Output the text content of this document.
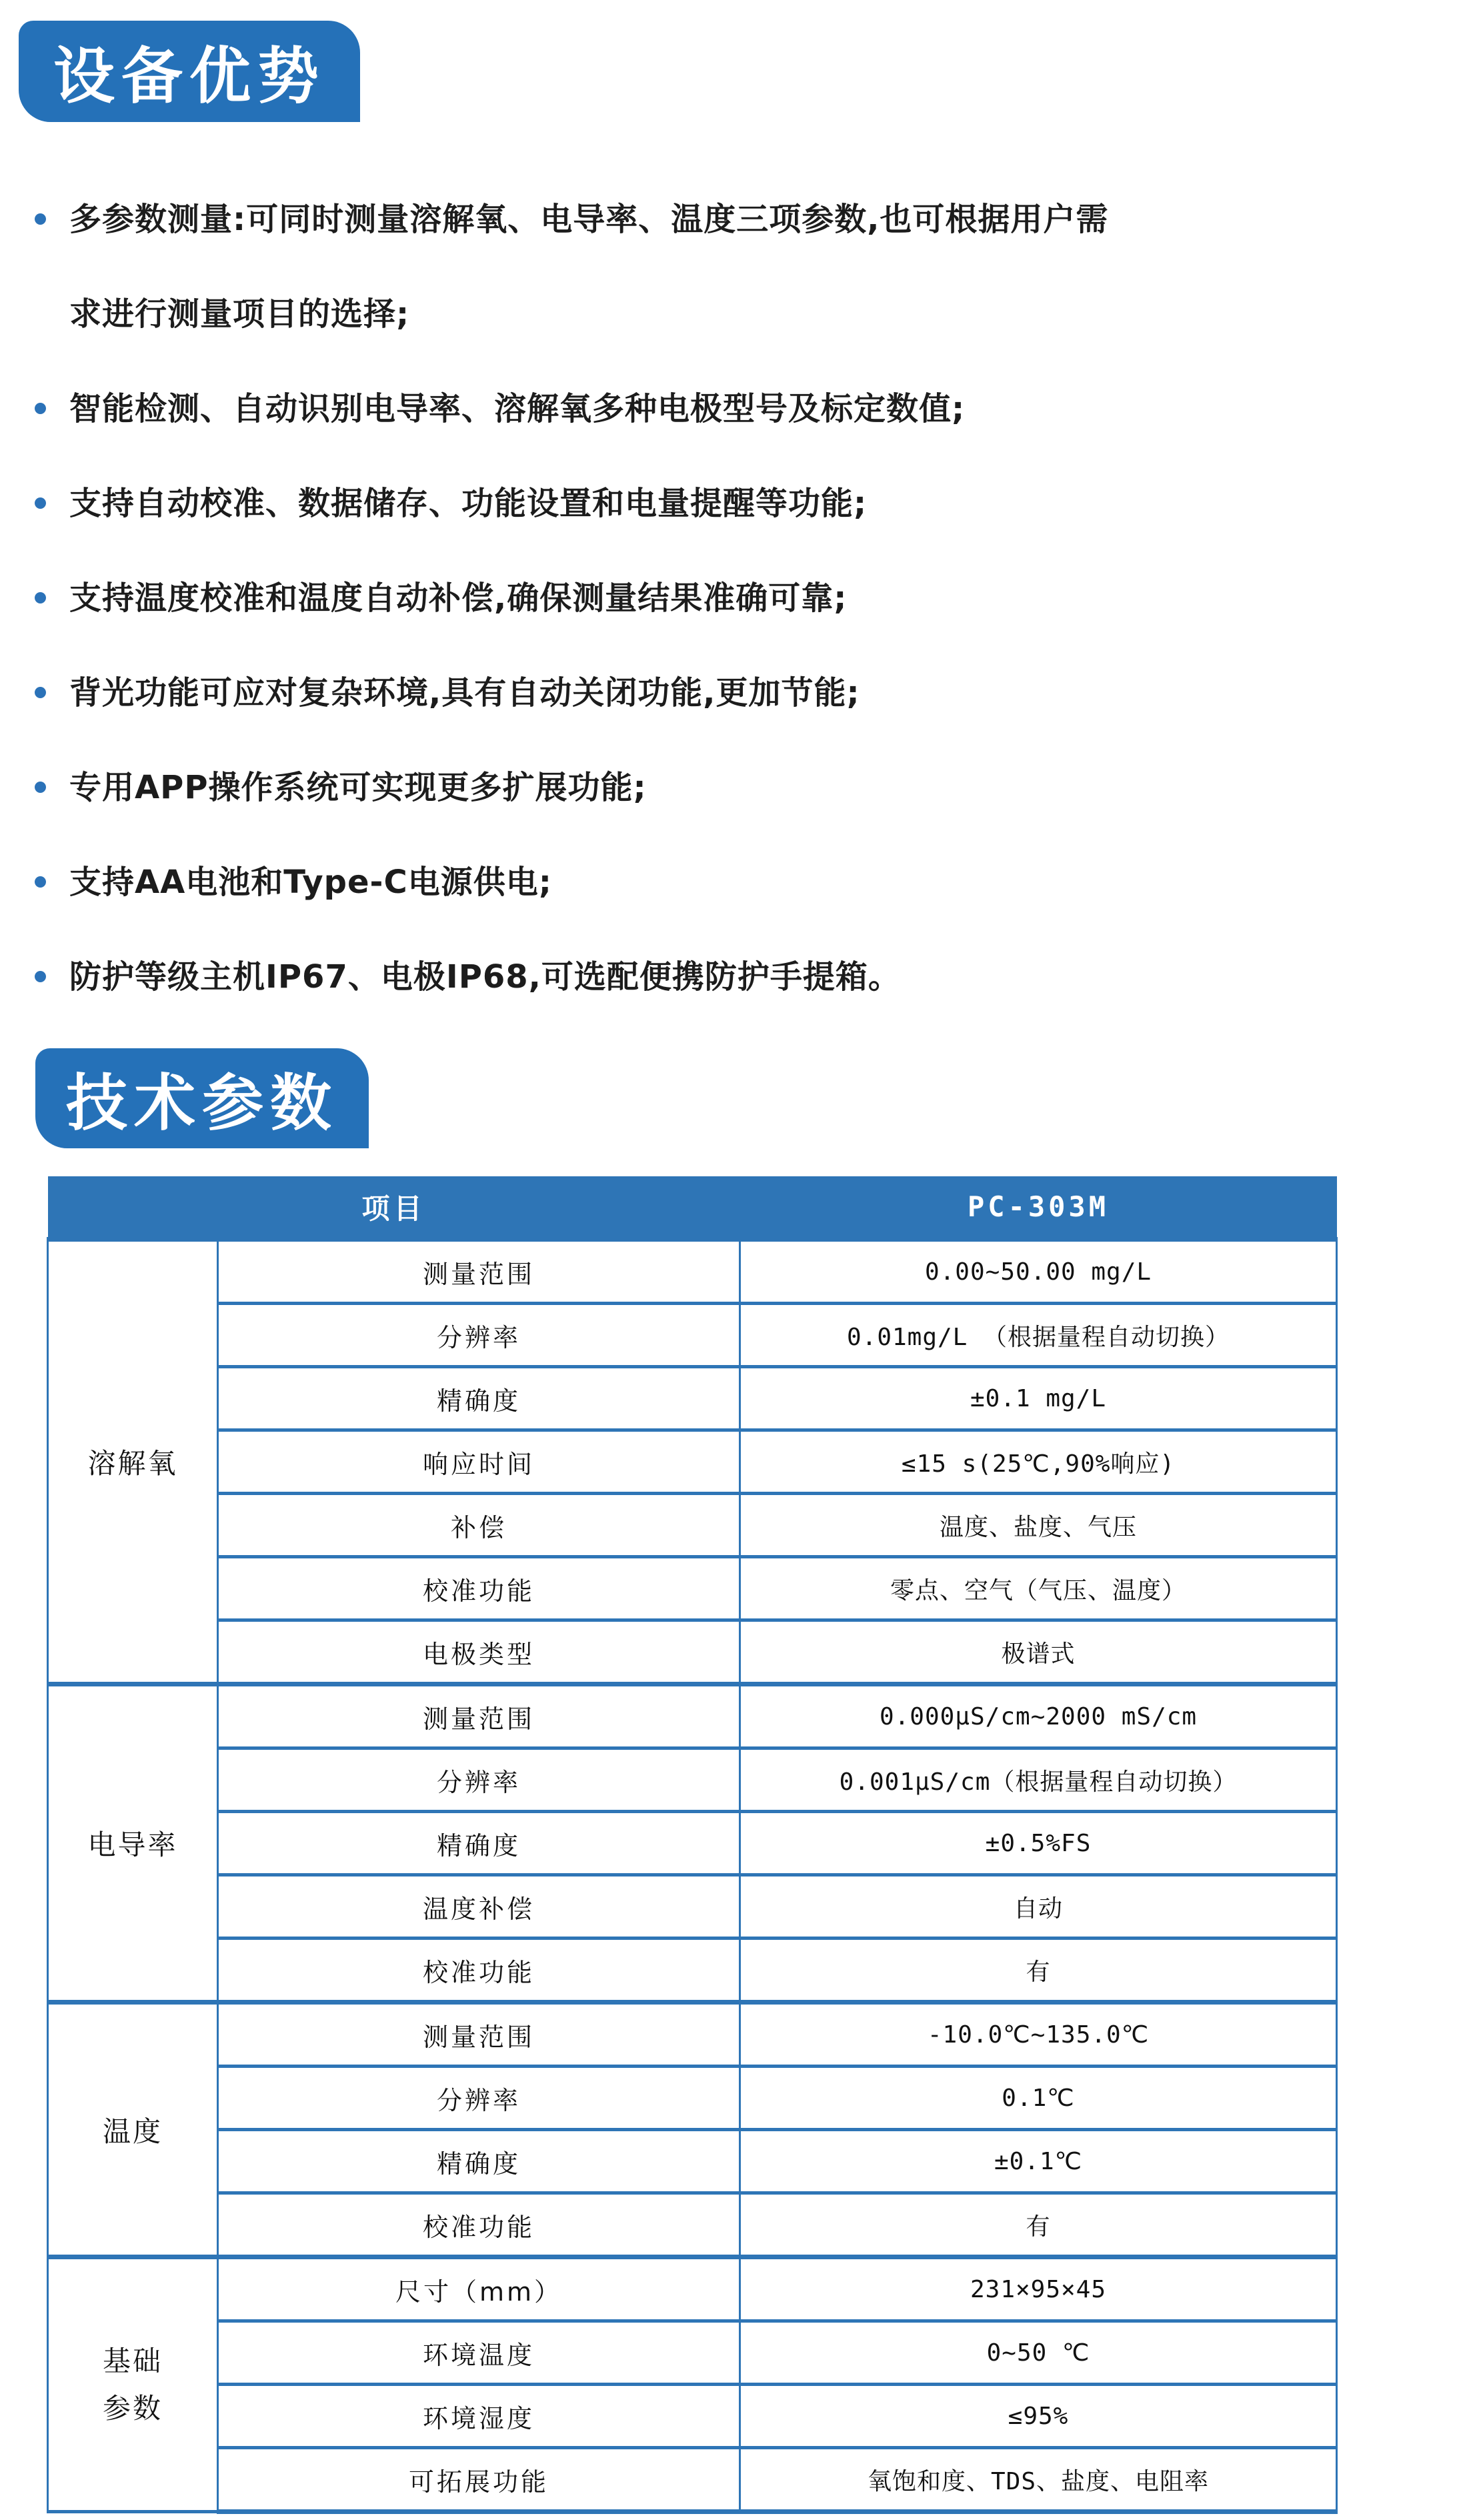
设备优势
多参数测量:可同时测量溶解氧、电导率、温度三项参数,也可根据用户需
求进行测量项目的选择;
智能检测、自动识别电导率、溶解氧多种电极型号及标定数值;
支持自动校准、数据储存、功能设置和电量提醒等功能;
支持温度校准和温度自动补偿,确保测量结果准确可靠;
背光功能可应对复杂环境,具有自动关闭功能,更加节能;
专用APP操作系统可实现更多扩展功能;
支持AA电池和Type-C电源供电;
防护等级主机IP67、电极IP68,可选配便携防护手提箱。
技术参数
项目		PC-303M
溶解氧	测量范围	0.00~50.00 mg/L
	分辨率	0.01mg/L （根据量程自动切换）
	精确度	±0.1 mg/L
	响应时间	≤15 s(25℃,90%响应)
	补偿	温度、盐度、气压
	校准功能	零点、空气（气压、温度）
	电极类型	极谱式
电导率	测量范围	0.000μS/cm~2000 mS/cm
	分辨率	0.001μS/cm（根据量程自动切换）
	精确度	±0.5%FS
	温度补偿	自动
	校准功能	有
温度	测量范围	-10.0℃~135.0℃
	分辨率	0.1℃
	精确度	±0.1℃
	校准功能	有
基础参数	尺寸（mm）	231×95×45
	环境温度	0~50 ℃
	环境湿度	≤95%
	可拓展功能	氧饱和度、TDS、盐度、电阻率
